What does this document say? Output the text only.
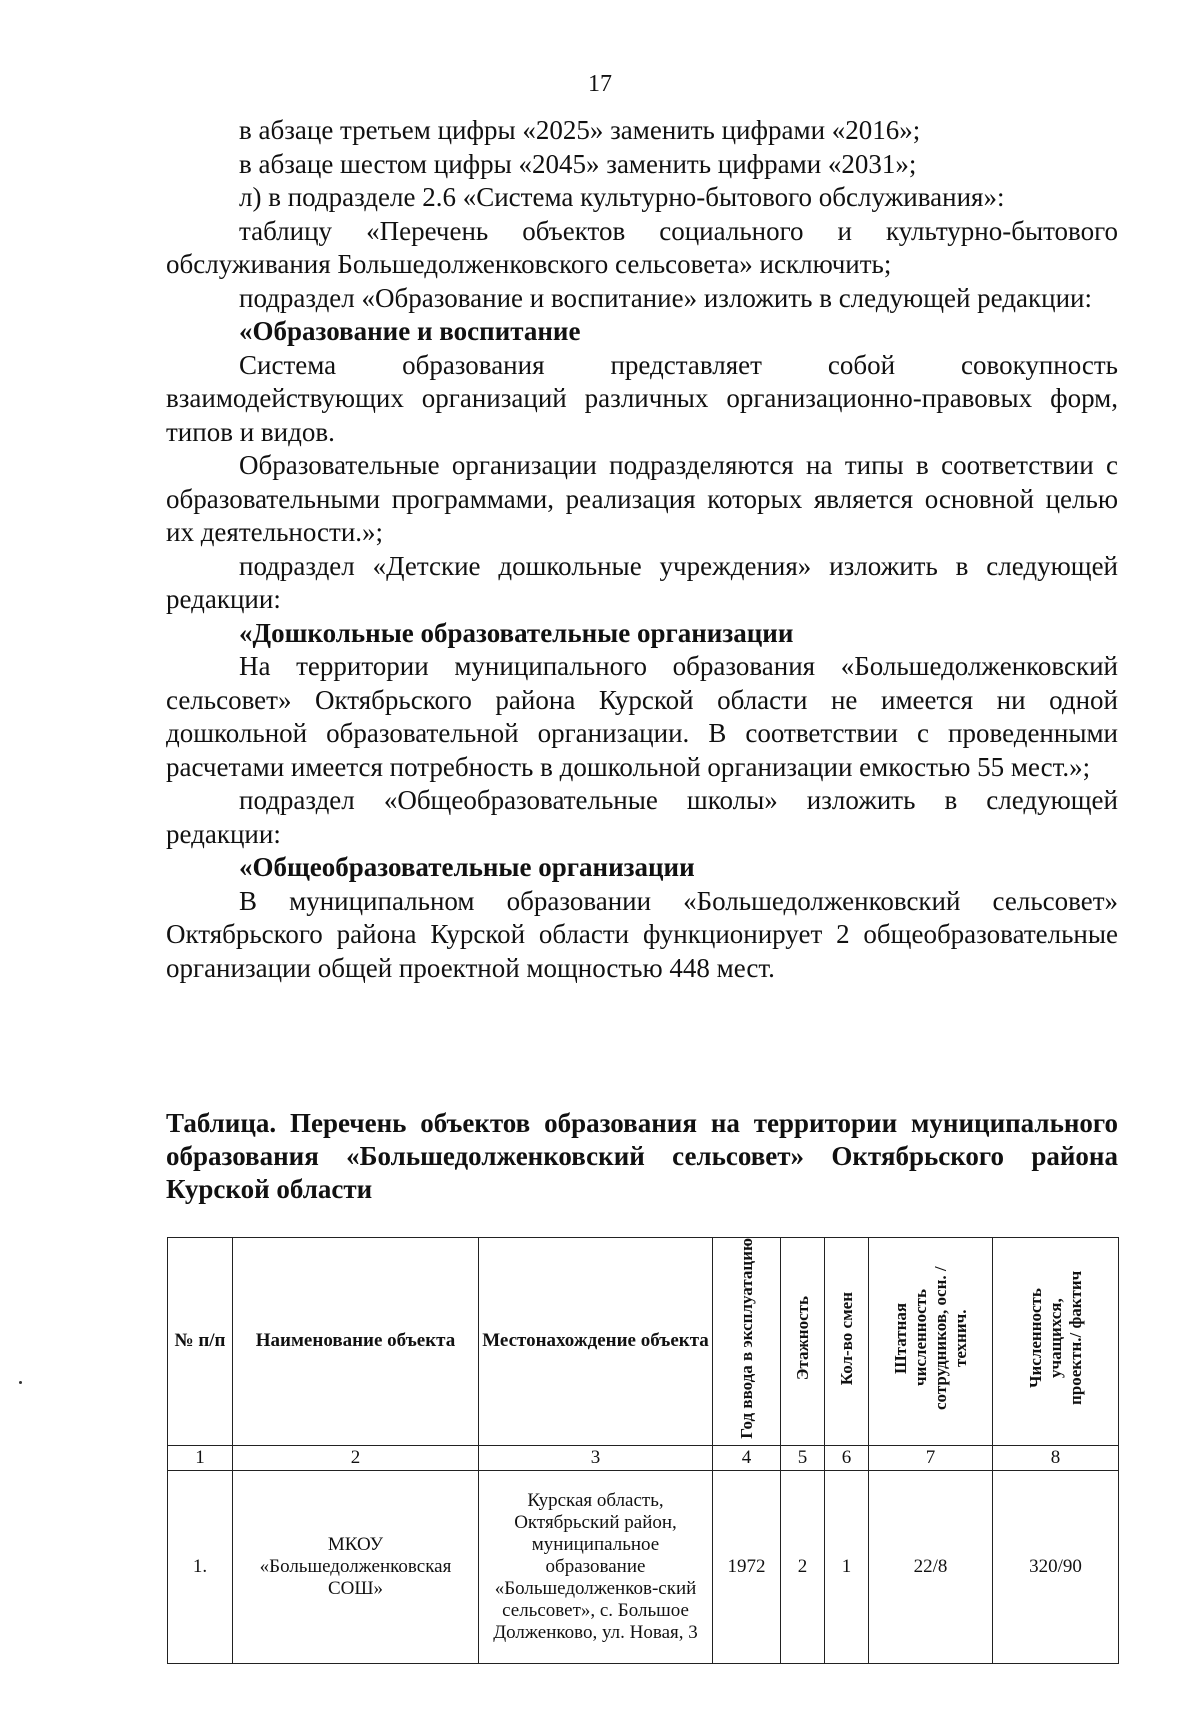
17

в абзаце третьем цифры «2025» заменить цифрами «2016»;

в абзаце шестом цифры «2045» заменить цифрами «2031»;

л) в подразделе 2.6 «Система культурно-бытового обслуживания»:

таблицу «Перечень объектов социального и культурно-бытового обслуживания Большедолженковского сельсовета» исключить;

подраздел «Образование и воспитание» изложить в следующей редакции:

«Образование и воспитание

Система образования представляет собой совокупность взаимодействующих организаций различных организационно-правовых форм, типов и видов.

Образовательные организации подразделяются на типы в соответствии с образовательными программами, реализация которых является основной целью их деятельности.»;

подраздел «Детские дошкольные учреждения» изложить в следующей редакции:

«Дошкольные образовательные организации

На территории муниципального образования «Большедолженковский сельсовет» Октябрьского района Курской области не имеется ни одной дошкольной образовательной организации. В соответствии с проведенными расчетами имеется потребность в дошкольной организации емкостью 55 мест.»;

подраздел «Общеобразовательные школы» изложить в следующей редакции:

«Общеобразовательные организации

В муниципальном образовании «Большедолженковский сельсовет» Октябрьского района Курской области функционирует 2 общеобразовательные организации общей проектной мощностью 448 мест.

Таблица. Перечень объектов образования на территории муниципального образования «Большедолженковский сельсовет» Октябрьского района Курской области
№ п/п	Наименование объекта	Местонахождение объекта	Год ввода в эксплуатацию	Этажность	Кол-во смен	Штатная численность сотрудников, осн. /технич.	Численность учащихся, проектн./ фактич
1	2	3	4	5	6	7	8
1.	МКОУ «Большедолженковская СОШ»	Курская область, Октябрьский район, муниципальное образование «Большедолженков-ский сельсовет», с. Большое Долженково, ул. Новая, 3	1972	2	1	22/8	320/90
